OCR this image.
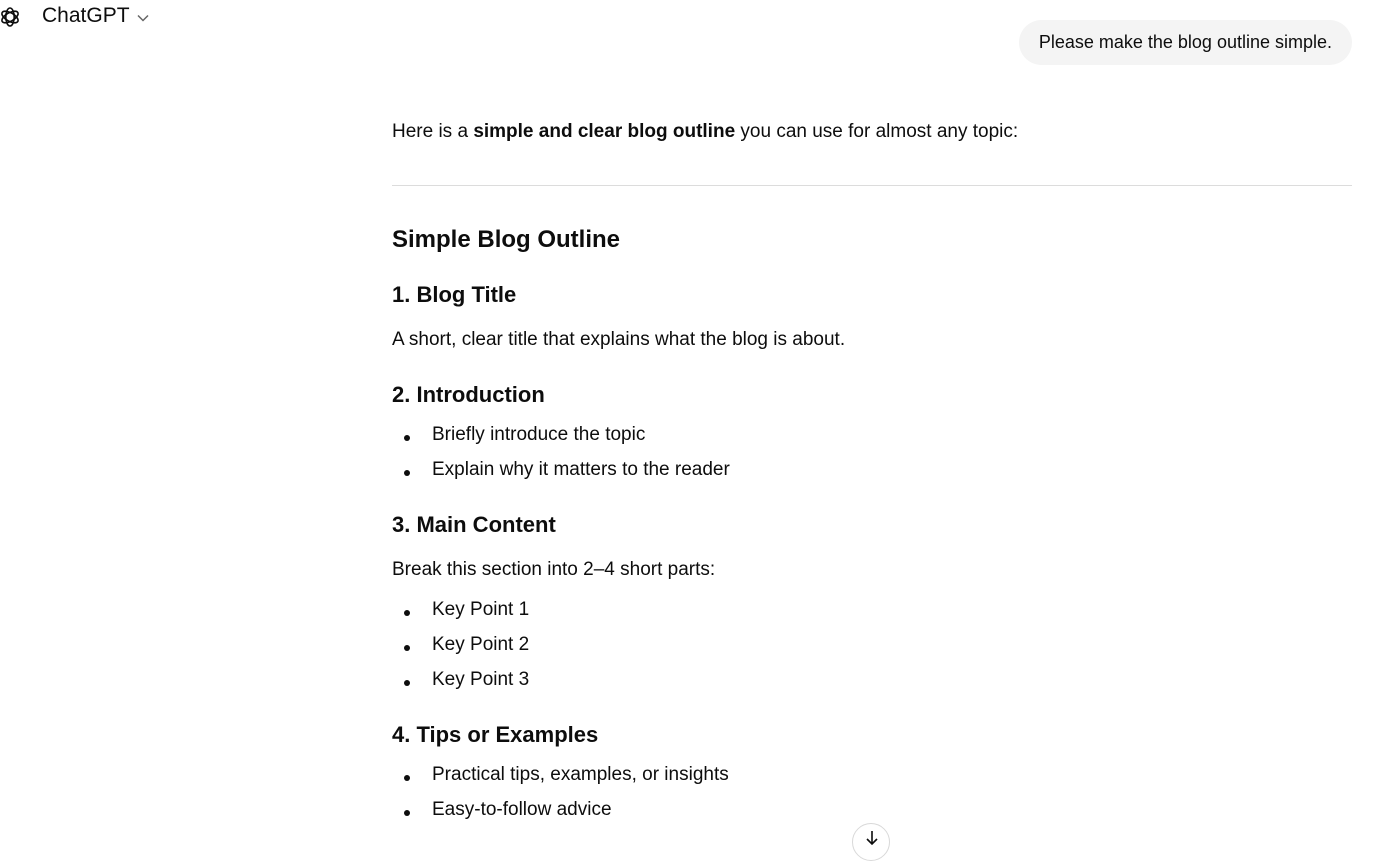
ChatGPT
Please make the blog outline simple.
Here is a simple and clear blog outline you can use for almost any topic:
Simple Blog Outline
1. Blog Title
A short, clear title that explains what the blog is about.
2. Introduction
Briefly introduce the topic
Explain why it matters to the reader
3. Main Content
Break this section into 2–4 short parts:
Key Point 1
Key Point 2
Key Point 3
4. Tips or Examples
Practical tips, examples, or insights
Easy-to-follow advice
